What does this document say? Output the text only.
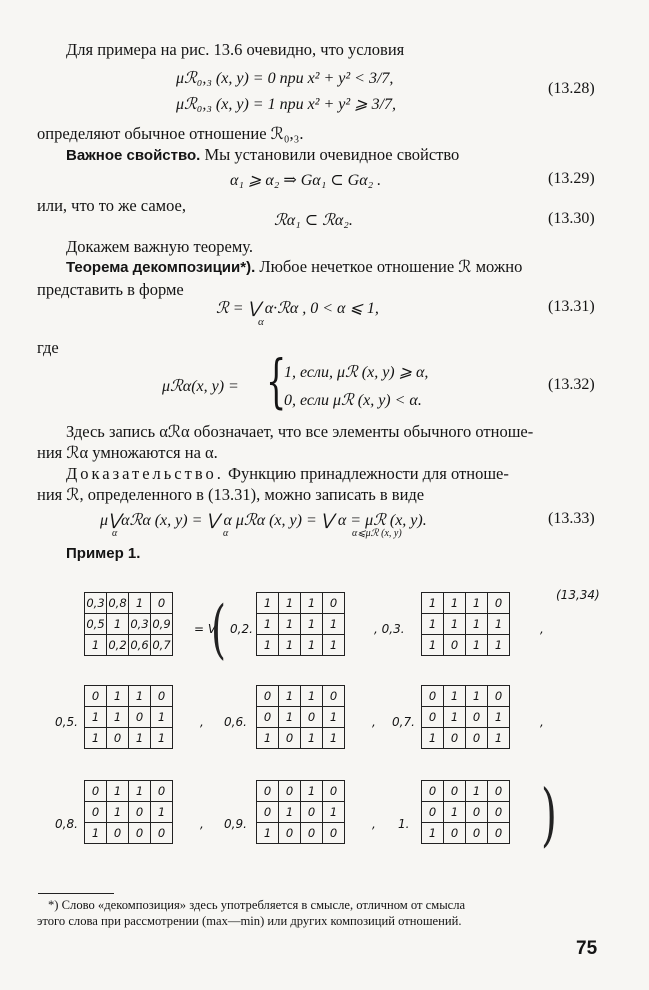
Для примера на рис. 13.6 очевидно, что условия
μℛ₀,₃ (x, y) = 0 при x² + y² < 3/7,
μℛ₀,₃ (x, y) = 1 при x² + y² ⩾ 3/7,
(13.28)
определяют обычное отношение ℛ₀,₃.
Важное свойство. Мы установили очевидное свойство
α₁ ⩾ α₂ ⇒ Gα₁ ⊂ Gα₂ .	(13.29)
или, что то же самое,
ℛα₁ ⊂ ℛα₂.	(13.30)
Докажем важную теорему.
Теорема декомпозиции*). Любое нечеткое отношение ℛ можно
представить в форме
ℛ = ⋁ α·ℛα , 0 < α ⩽ 1,
α
(13.31)
где
μℛα(x, y) = {
1, если, μℛ (x, y) ⩾ α,
0, если μℛ (x, y) < α.
(13.32)
Здесь запись αℛα обозначает, что все элементы обычного отноше-
ния ℛα умножаются на α.
Доказательство. Функцию принадлежности для отноше-
ния ℛ, определенного в (13.31), можно записать в виде
μ⋁αℛα (x, y) = ⋁ α μℛα (x, y) = ⋁ α = μℛ (x, y).
α	α	α⩽μℛ (x, y)
(13.33)
Пример 1.
(13,34)
0,3	0,8	1	0
0,5	1	0,3	0,9
1	0,2	0,6	0,7
= V
( 0,2.
1	1	1	0
1	1	1	1
1	1	1	1
, 0,3.
1	1	1	0
1	1	1	1
1	0	1	1
,
0,5.
0	1	1	0
1	1	0	1
1	0	1	1
, 0,6.
0	1	1	0
0	1	0	1
1	0	1	1
, 0,7.
0	1	1	0
0	1	0	1
1	0	0	1
,
0,8.
0	1	1	0
0	1	0	1
1	0	0	0
, 0,9.
0	0	1	0
0	1	0	1
1	0	0	0
, 1.
0	0	1	0
0	1	0	0
1	0	0	0 )
*) Слово «декомпозиция» здесь употребляется в смысле, отличном от смысла
этого слова при рассмотрении (max—min) или других композиций отношений.
75
